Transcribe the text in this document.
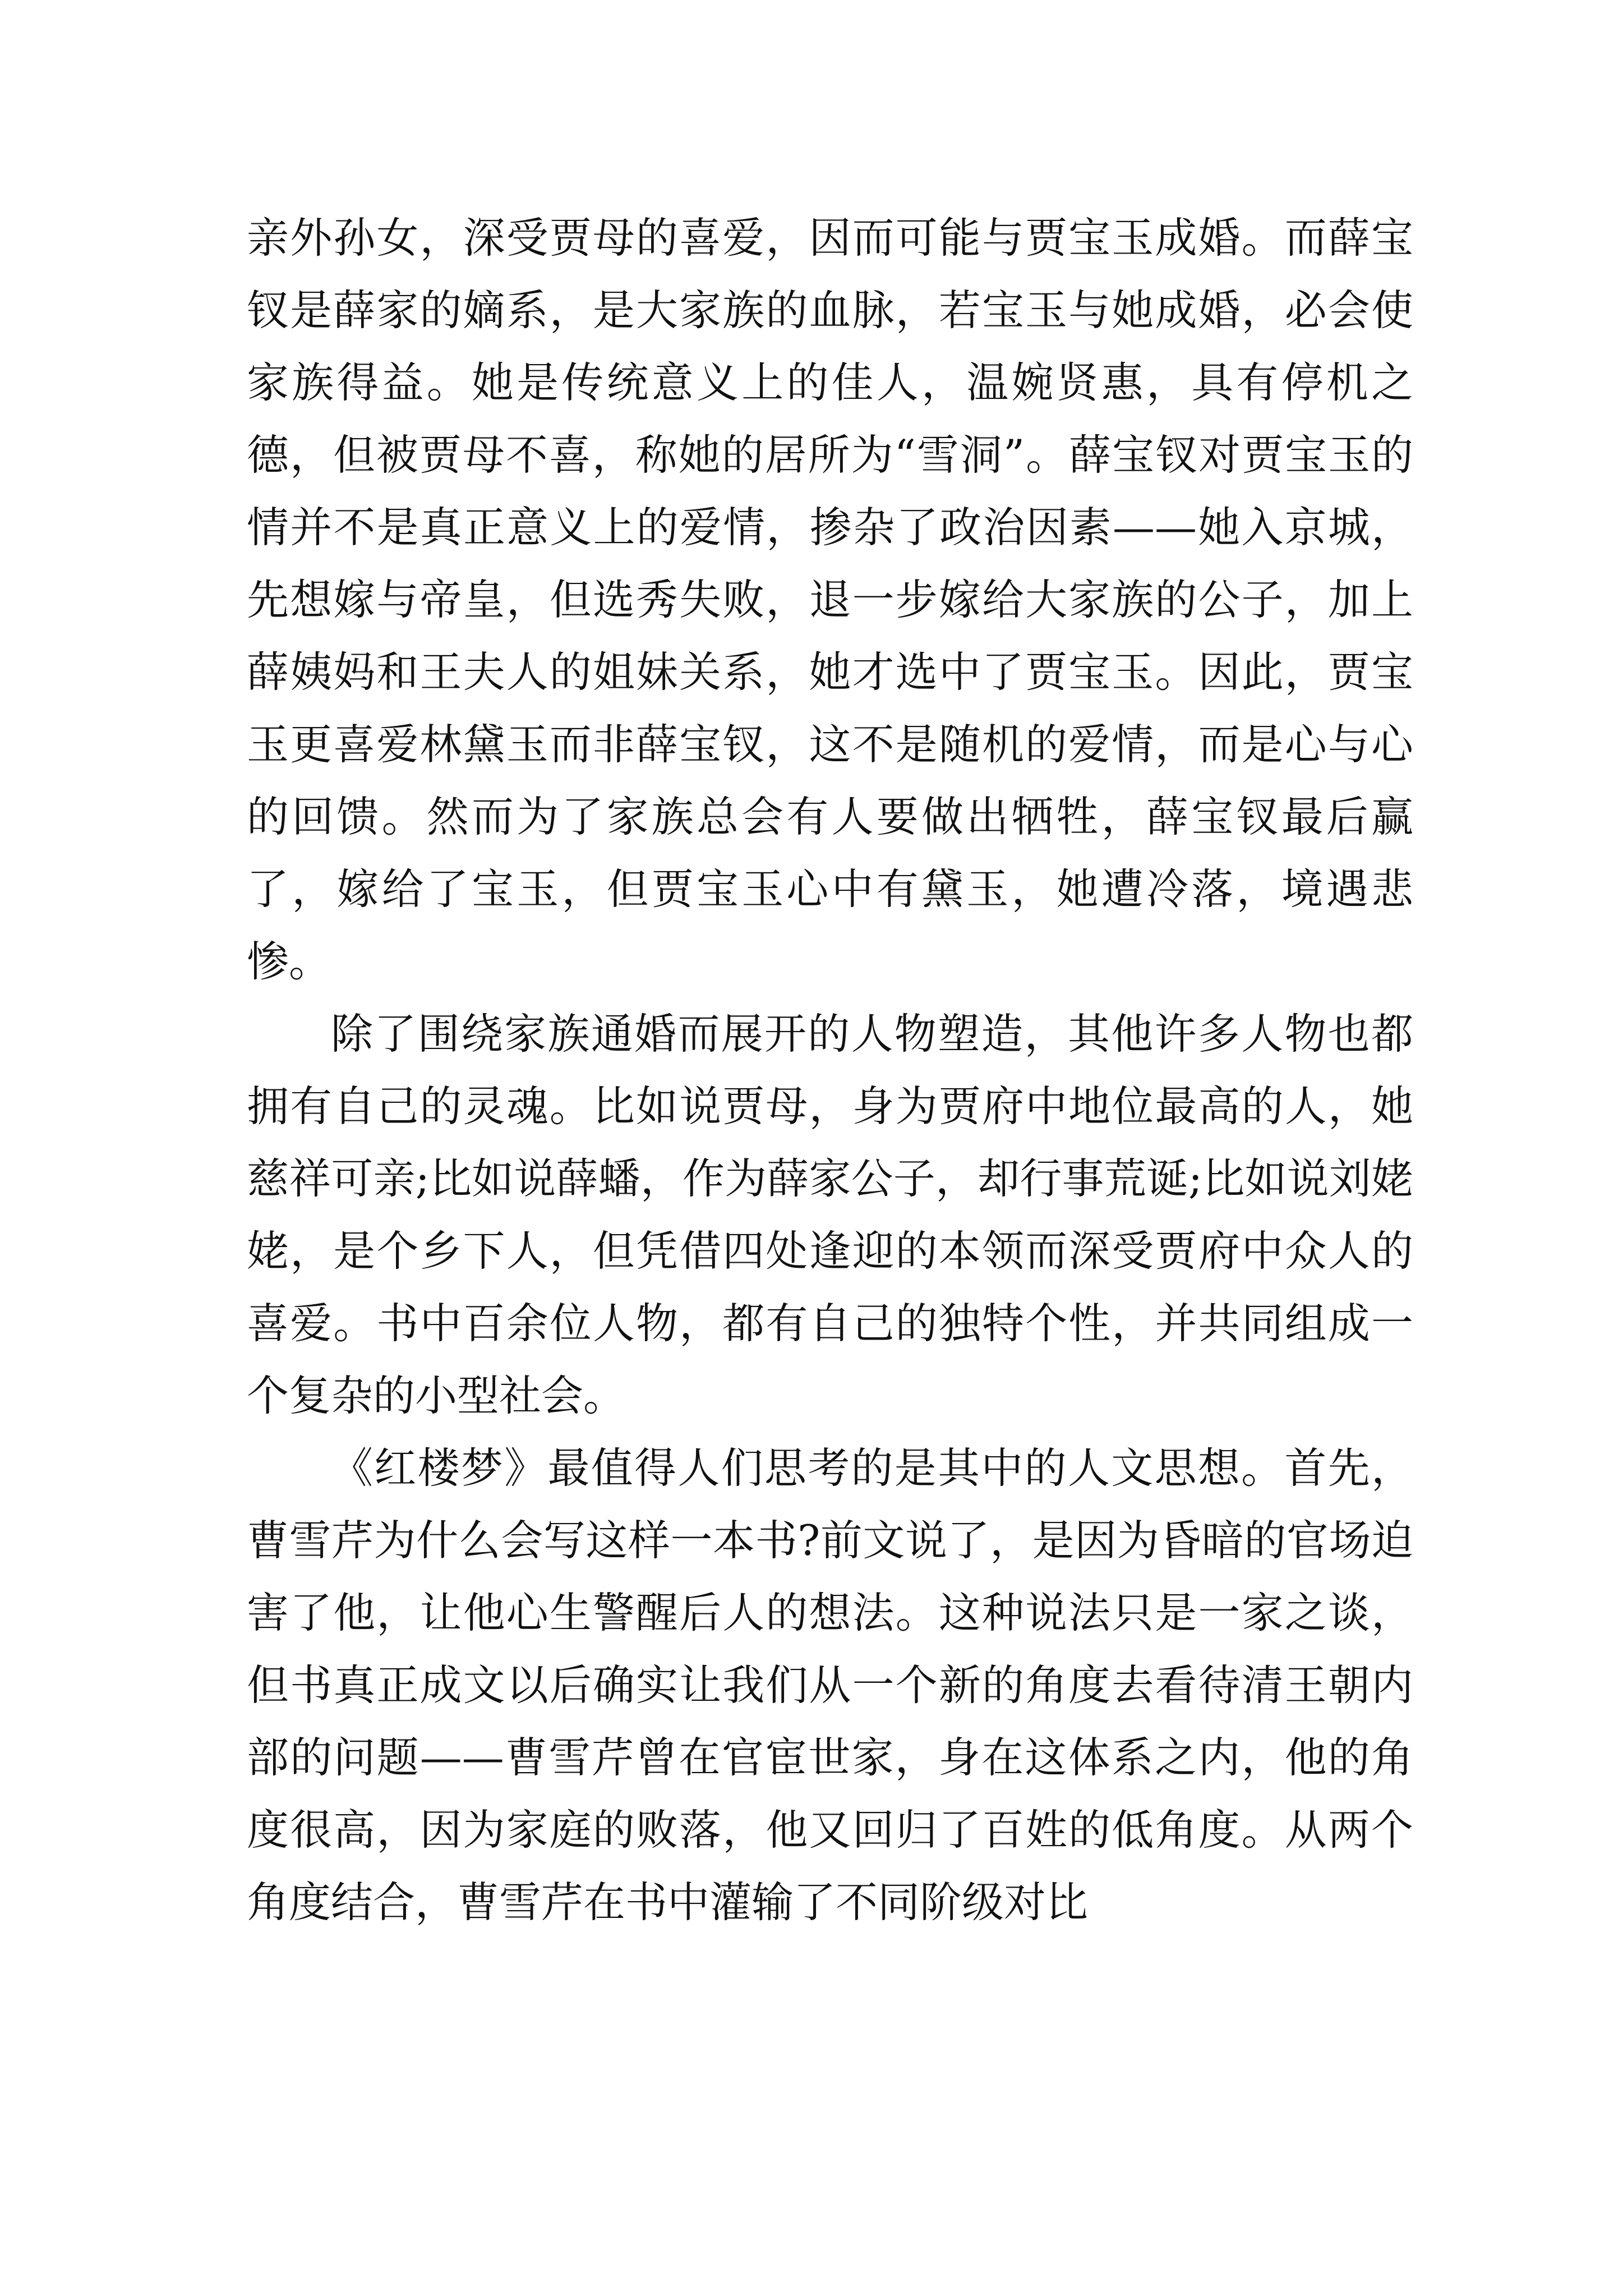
亲外孙女，深受贾母的喜爱，因而可能与贾宝玉成婚。而薛宝钗是薛家的嫡系，是大家族的血脉，若宝玉与她成婚，必会使家族得益。她是传统意义上的佳人，温婉贤惠，具有停机之德，但被贾母不喜，称她的居所为“雪洞”。薛宝钗对贾宝玉的情并不是真正意义上的爱情，掺杂了政治因素——她入京城，先想嫁与帝皇，但选秀失败，退一步嫁给大家族的公子，加上薛姨妈和王夫人的姐妹关系，她才选中了贾宝玉。因此，贾宝玉更喜爱林黛玉而非薛宝钗，这不是随机的爱情，而是心与心的回馈。然而为了家族总会有人要做出牺牲，薛宝钗最后赢了，嫁给了宝玉，但贾宝玉心中有黛玉，她遭冷落，境遇悲惨。

除了围绕家族通婚而展开的人物塑造，其他许多人物也都拥有自己的灵魂。比如说贾母，身为贾府中地位最高的人，她慈祥可亲;比如说薛蟠，作为薛家公子，却行事荒诞;比如说刘姥姥，是个乡下人，但凭借四处逢迎的本领而深受贾府中众人的喜爱。书中百余位人物，都有自己的独特个性，并共同组成一个复杂的小型社会。

《红楼梦》最值得人们思考的是其中的人文思想。首先，曹雪芹为什么会写这样一本书?前文说了，是因为昏暗的官场迫害了他，让他心生警醒后人的想法。这种说法只是一家之谈，但书真正成文以后确实让我们从一个新的角度去看待清王朝内部的问题——曹雪芹曾在官宦世家，身在这体系之内，他的角度很高，因为家庭的败落，他又回归了百姓的低角度。从两个角度结合，曹雪芹在书中灌输了不同阶级对比
